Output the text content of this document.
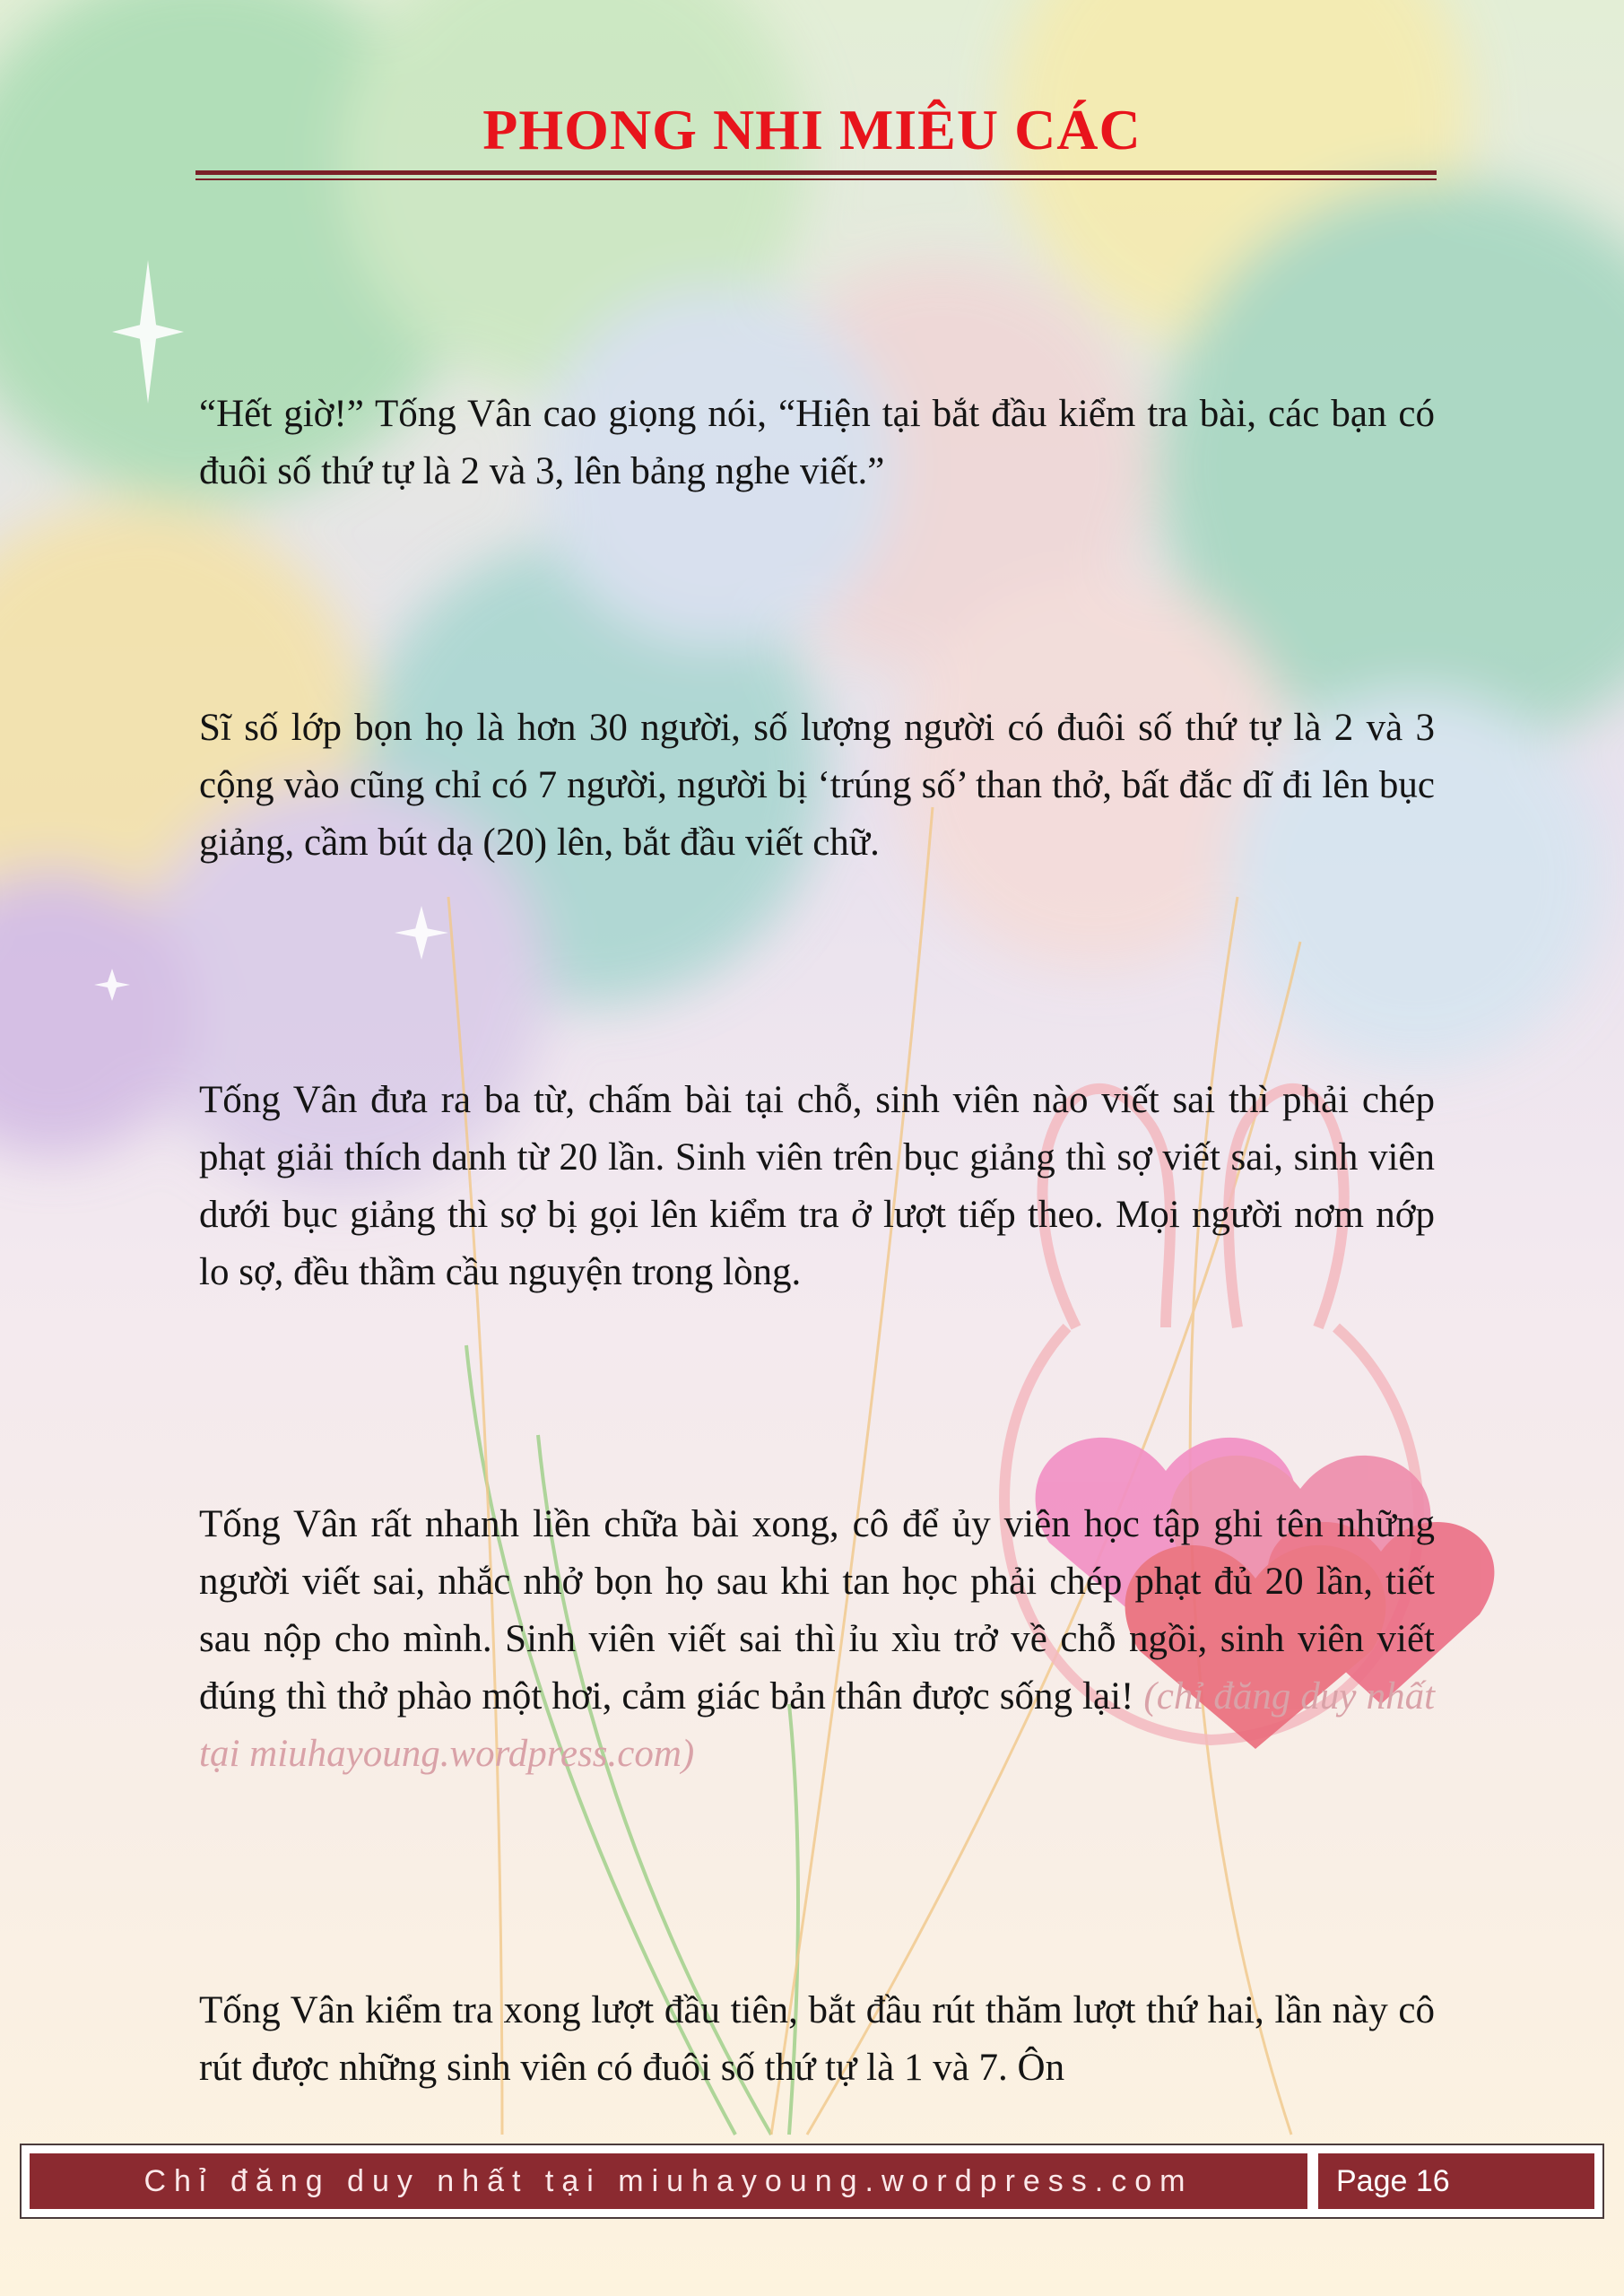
PHONG NHI MIÊU CÁC

“Hết giờ!” Tống Vân cao giọng nói, “Hiện tại bắt đầu kiểm tra bài, các bạn có đuôi số thứ tự là 2 và 3, lên bảng nghe viết.”

Sĩ số lớp bọn họ là hơn 30 người, số lượng người có đuôi số thứ tự là 2 và 3 cộng vào cũng chỉ có 7 người, người bị ‘trúng số’ than thở, bất đắc dĩ đi lên bục giảng, cầm bút dạ (20) lên, bắt đầu viết chữ.

Tống Vân đưa ra ba từ, chấm bài tại chỗ, sinh viên nào viết sai thì phải chép phạt giải thích danh từ 20 lần. Sinh viên trên bục giảng thì sợ viết sai, sinh viên dưới bục giảng thì sợ bị gọi lên kiểm tra ở lượt tiếp theo. Mọi người nơm nớp lo sợ, đều thầm cầu nguyện trong lòng.

Tống Vân rất nhanh liền chữa bài xong, cô để ủy viên học tập ghi tên những người viết sai, nhắc nhở bọn họ sau khi tan học phải chép phạt đủ 20 lần, tiết sau nộp cho mình. Sinh viên viết sai thì ỉu xìu trở về chỗ ngồi, sinh viên viết đúng thì thở phào một hơi, cảm giác bản thân được sống lại! (chỉ đăng duy nhất tại miuhayoung.wordpress.com)

Tống Vân kiểm tra xong lượt đầu tiên, bắt đầu rút thăm lượt thứ hai, lần này cô rút được những sinh viên có đuôi số thứ tự là 1 và 7. Ôn

Chỉ đăng duy nhất tại miuhayoung.wordpress.com	Page 16
